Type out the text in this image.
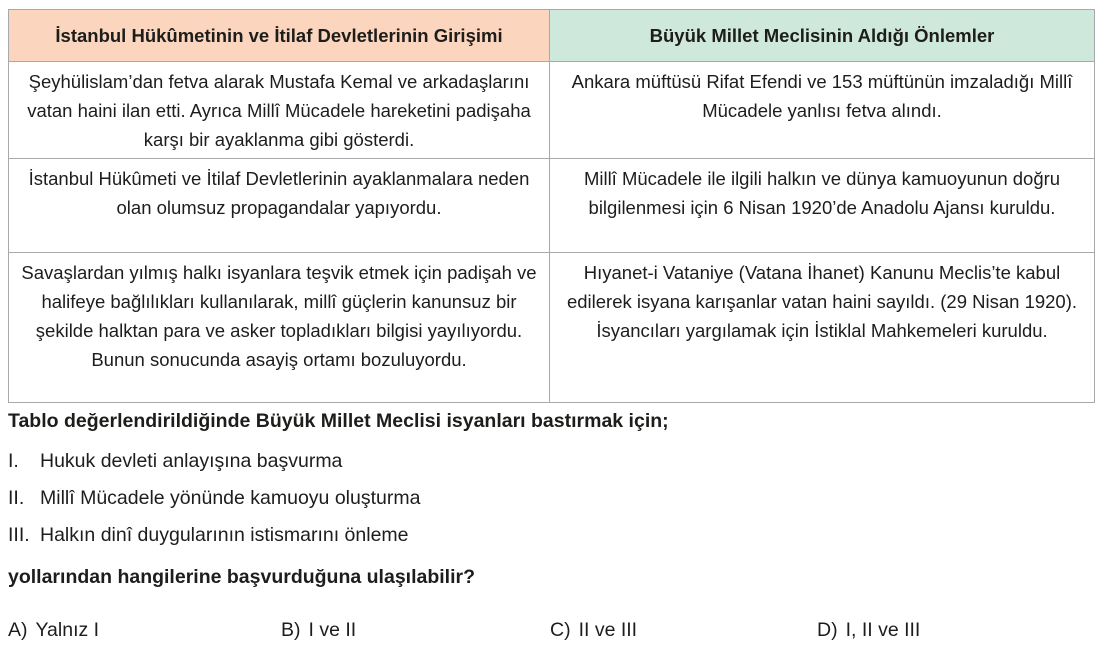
İstanbul Hükûmetinin ve İtilaf Devletlerinin Girişimi	Büyük Millet Meclisinin Aldığı Önlemler
Şeyhülislam’dan fetva alarak Mustafa Kemal ve arkadaşlarını vatan haini ilan etti. Ayrıca Millî Mücadele hareketini padişaha karşı bir ayaklanma gibi gösterdi.	Ankara müftüsü Rifat Efendi ve 153 müftünün imzaladığı Millî Mücadele yanlısı fetva alındı.
İstanbul Hükûmeti ve İtilaf Devletlerinin ayaklanmalara neden olan olumsuz propagandalar yapıyordu.	Millî Mücadele ile ilgili halkın ve dünya kamuoyunun doğru bilgilenmesi için 6 Nisan 1920’de Anadolu Ajansı kuruldu.
Savaşlardan yılmış halkı isyanlara teşvik etmek için padişah ve halifeye bağlılıkları kullanılarak, millî güçlerin kanunsuz bir şekilde halktan para ve asker topladıkları bilgisi yayılıyordu. Bunun sonucunda asayiş ortamı bozuluyordu.	Hıyanet-i Vataniye (Vatana İhanet) Kanunu Meclis’te kabul edilerek isyana karışanlar vatan haini sayıldı. (29 Nisan 1920). İsyancıları yargılamak için İstiklal Mahkemeleri kuruldu.
Tablo değerlendirildiğinde Büyük Millet Meclisi isyanları bastırmak için;
I. Hukuk devleti anlayışına başvurma
II. Millî Mücadele yönünde kamuoyu oluşturma
III. Halkın dinî duygularının istismarını önleme
yollarından hangilerine başvurduğuna ulaşılabilir?
A) Yalnız I	B) I ve II	C) II ve III	D) I, II ve III
